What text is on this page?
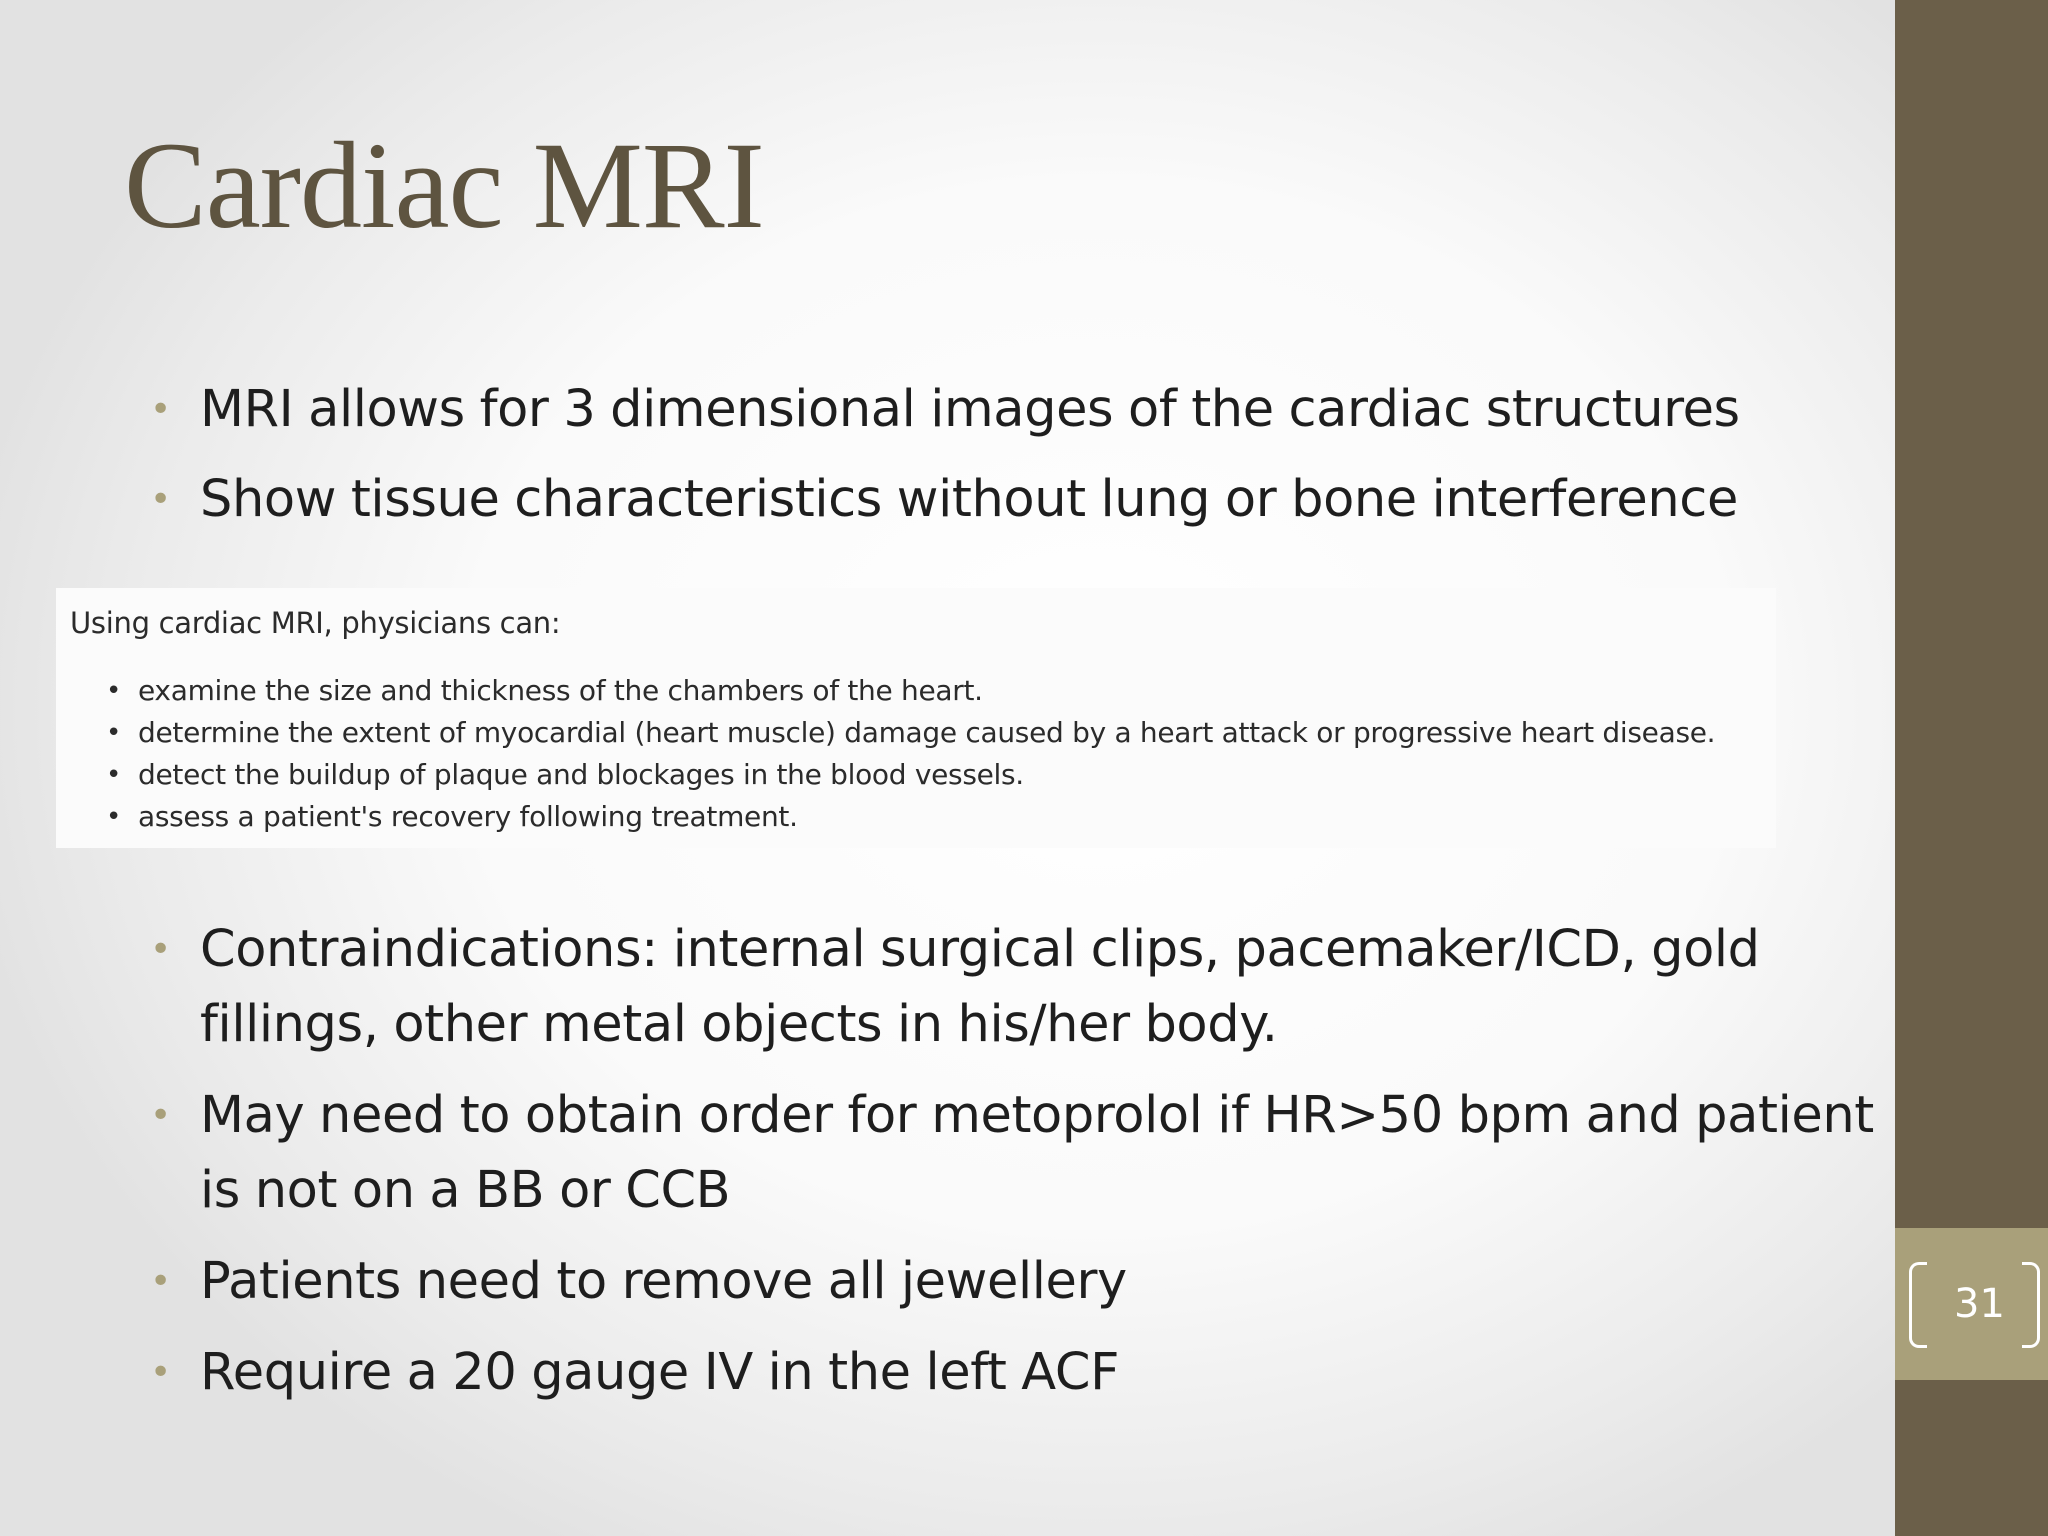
Cardiac MRI
• MRI allows for 3 dimensional images of the cardiac structures
• Show tissue characteristics without lung or bone interference
Using cardiac MRI, physicians can:
• examine the size and thickness of the chambers of the heart.
• determine the extent of myocardial (heart muscle) damage caused by a heart attack or progressive heart disease.
• detect the buildup of plaque and blockages in the blood vessels.
• assess a patient's recovery following treatment.
• Contraindications: internal surgical clips, pacemaker/ICD, gold fillings, other metal objects in his/her body.
• May need to obtain order for metoprolol if HR>50 bpm and patient is not on a BB or CCB
• Patients need to remove all jewellery
• Require a 20 gauge IV in the left ACF
31
